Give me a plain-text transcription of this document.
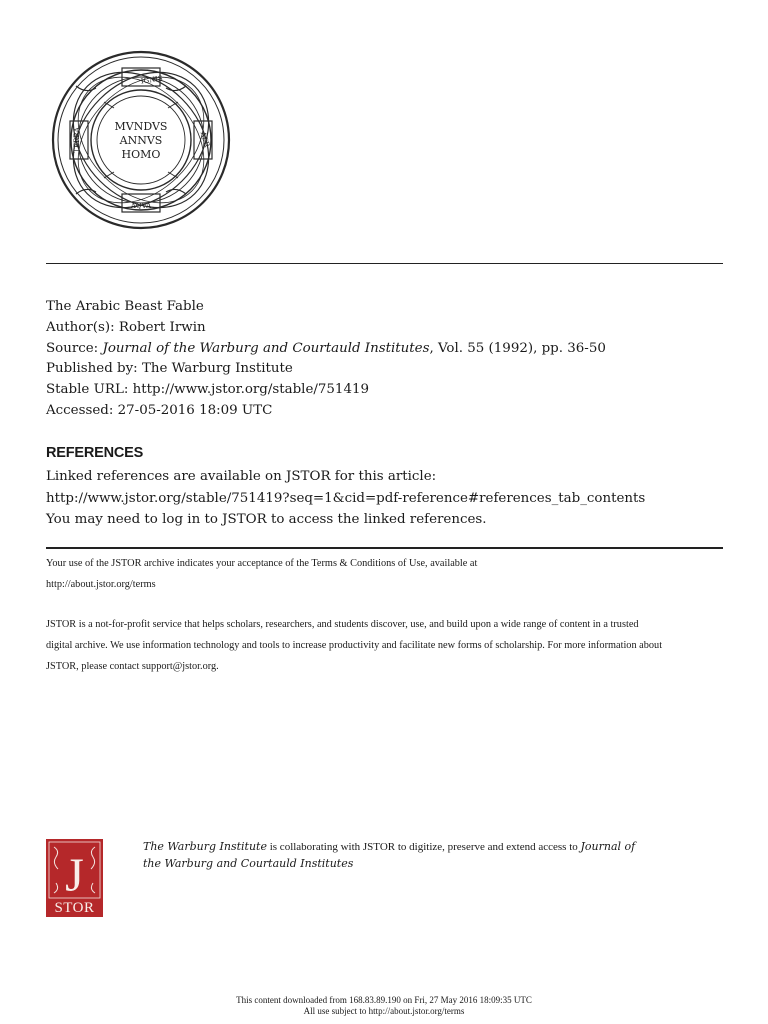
MVNDVS
ANNVS
HOMO
IGNIS
AER
TERRA
AQVA
The Arabic Beast Fable
Author(s): Robert Irwin
Source: Journal of the Warburg and Courtauld Institutes, Vol. 55 (1992), pp. 36-50
Published by: The Warburg Institute
Stable URL: http://www.jstor.org/stable/751419
Accessed: 27-05-2016 18:09 UTC
REFERENCES
Linked references are available on JSTOR for this article:
http://www.jstor.org/stable/751419?seq=1&cid=pdf-reference#references_tab_contents
You may need to log in to JSTOR to access the linked references.
Your use of the JSTOR archive indicates your acceptance of the Terms & Conditions of Use, available at
http://about.jstor.org/terms
JSTOR is a not-for-profit service that helps scholars, researchers, and students discover, use, and build upon a wide range of content in a trusted
digital archive. We use information technology and tools to increase productivity and facilitate new forms of scholarship. For more information about
JSTOR, please contact support@jstor.org.
J
STOR
The Warburg Institute is collaborating with JSTOR to digitize, preserve and extend access to Journal of
the Warburg and Courtauld Institutes
This content downloaded from 168.83.89.190 on Fri, 27 May 2016 18:09:35 UTC
All use subject to http://about.jstor.org/terms
